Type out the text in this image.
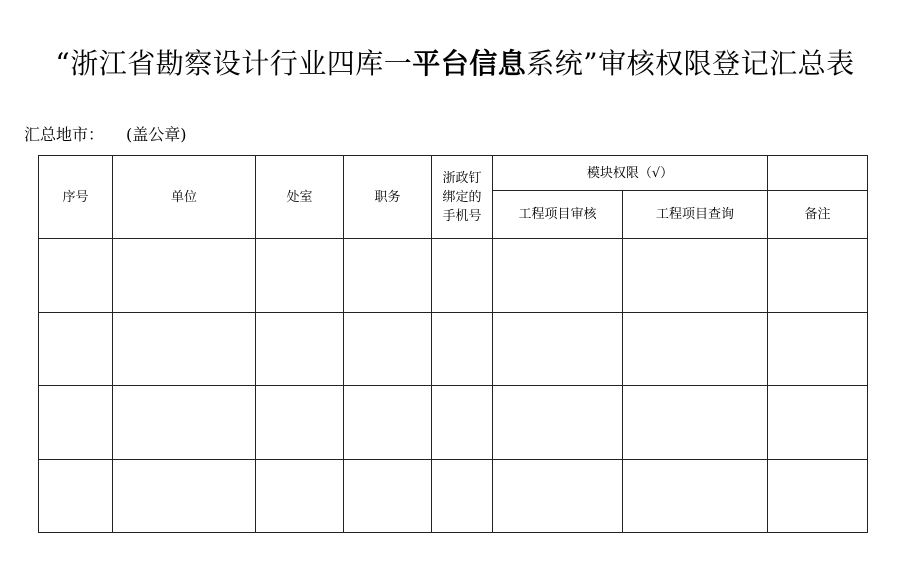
“浙江省勘察设计行业四库一平台信息系统”审核权限登记汇总表
汇总地市： (盖公章)
序号	单位	处室	职务	浙政钉
绑定的
手机号	模块权限（√）		
					工程项目审核	工程项目查询	备注
